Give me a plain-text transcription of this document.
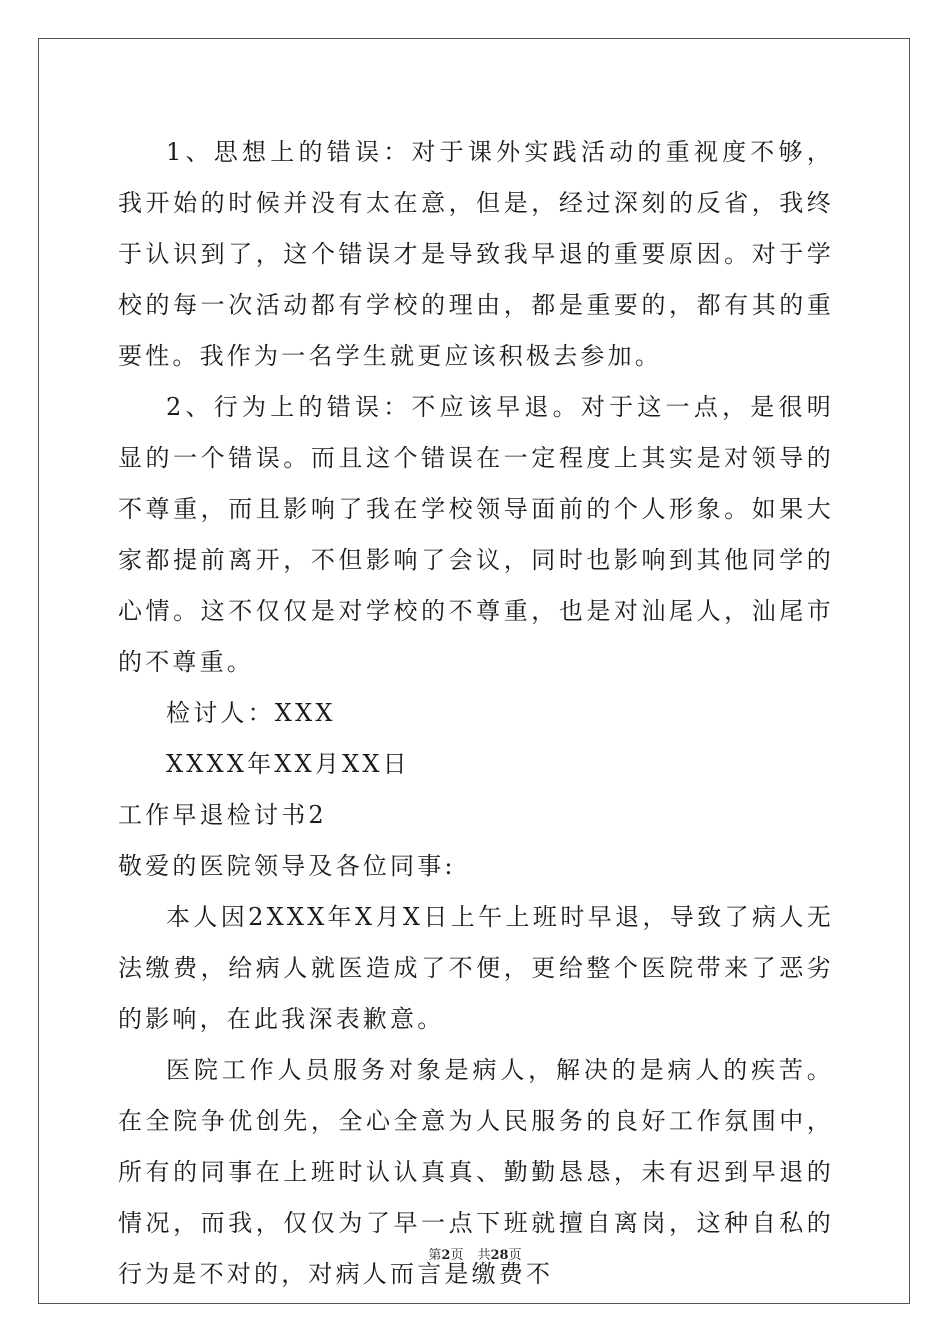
1、思想上的错误：对于课外实践活动的重视度不够，我开始的时候并没有太在意，但是，经过深刻的反省，我终于认识到了，这个错误才是导致我早退的重要原因。对于学校的每一次活动都有学校的理由，都是重要的，都有其的重要性。我作为一名学生就更应该积极去参加。

2、行为上的错误：不应该早退。对于这一点，是很明显的一个错误。而且这个错误在一定程度上其实是对领导的不尊重，而且影响了我在学校领导面前的个人形象。如果大家都提前离开，不但影响了会议，同时也影响到其他同学的心情。这不仅仅是对学校的不尊重，也是对汕尾人，汕尾市的不尊重。

检讨人：XXX

XXXX年XX月XX日

工作早退检讨书2

敬爱的医院领导及各位同事:

本人因2XXX年X月X日上午上班时早退，导致了病人无法缴费，给病人就医造成了不便，更给整个医院带来了恶劣的影响，在此我深表歉意。

医院工作人员服务对象是病人，解决的是病人的疾苦。在全院争优创先，全心全意为人民服务的良好工作氛围中，所有的同事在上班时认认真真、勤勤恳恳，未有迟到早退的情况，而我，仅仅为了早一点下班就擅自离岗，这种自私的行为是不对的，对病人而言是缴费不

第2页 共28页
